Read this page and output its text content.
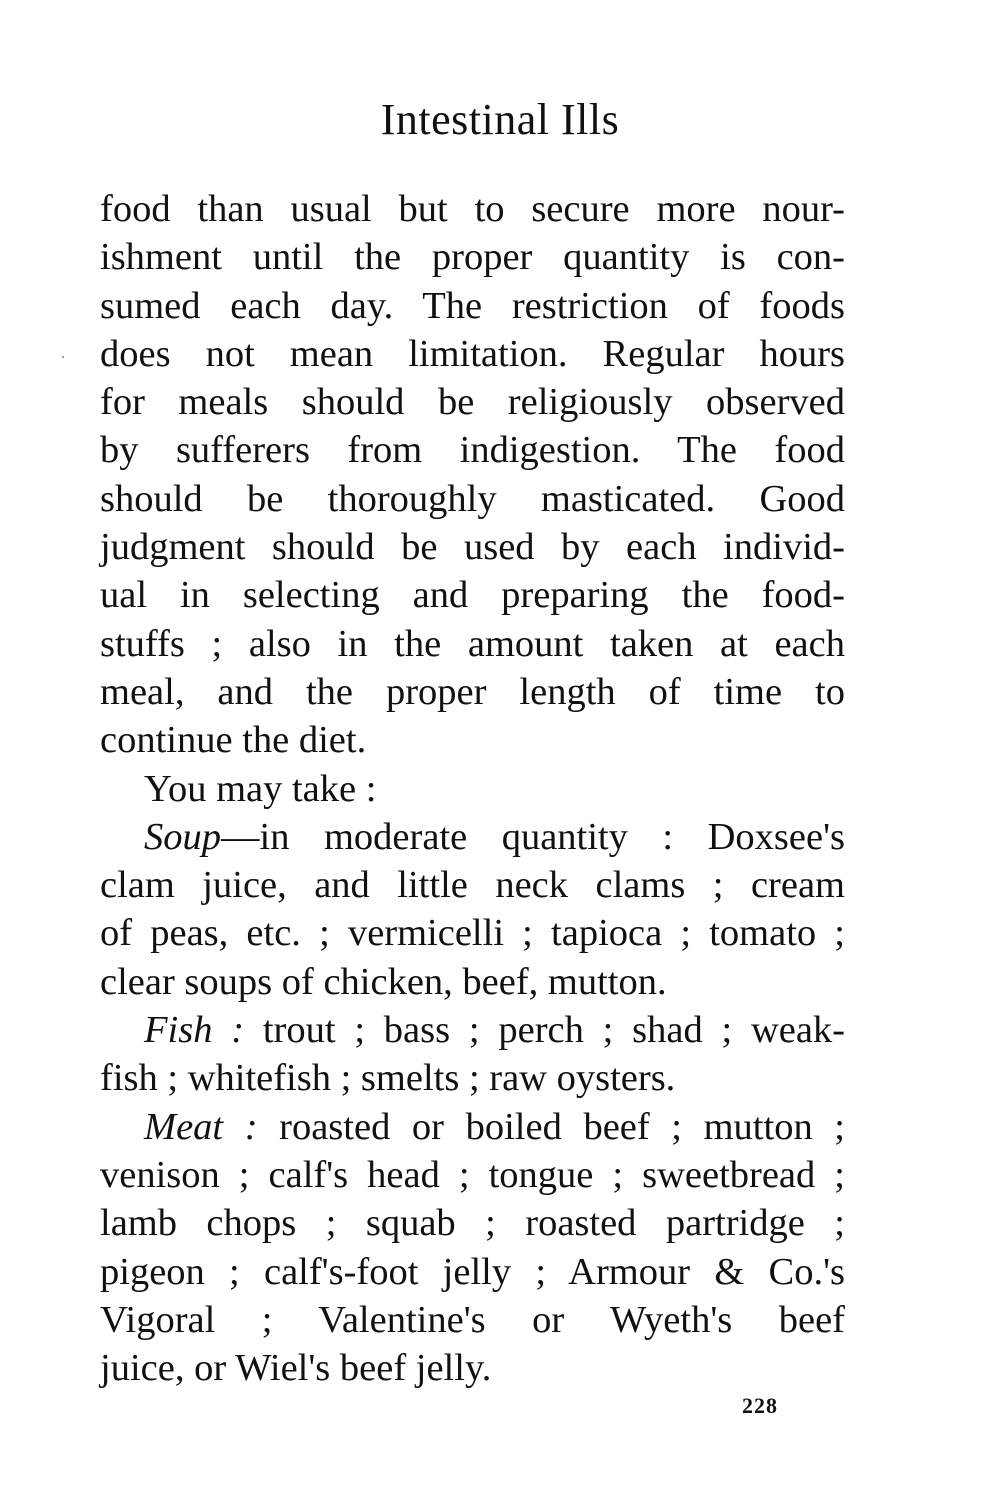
Intestinal Ills
food than usual but to secure more nour-
ishment until the proper quantity is con-
sumed each day. The restriction of foods
does not mean limitation. Regular hours
for meals should be religiously observed
by sufferers from indigestion. The food
should be thoroughly masticated. Good
judgment should be used by each individ-
ual in selecting and preparing the food-
stuffs ; also in the amount taken at each
meal, and the proper length of time to
continue the diet.
You may take :
Soup—in moderate quantity : Doxsee's
clam juice, and little neck clams ; cream
of peas, etc. ; vermicelli ; tapioca ; tomato ;
clear soups of chicken, beef, mutton.
Fish : trout ; bass ; perch ; shad ; weak-
fish ; whitefish ; smelts ; raw oysters.
Meat : roasted or boiled beef ; mutton ;
venison ; calf's head ; tongue ; sweetbread ;
lamb chops ; squab ; roasted partridge ;
pigeon ; calf's-foot jelly ; Armour & Co.'s
Vigoral ; Valentine's or Wyeth's beef
juice, or Wiel's beef jelly.
228
